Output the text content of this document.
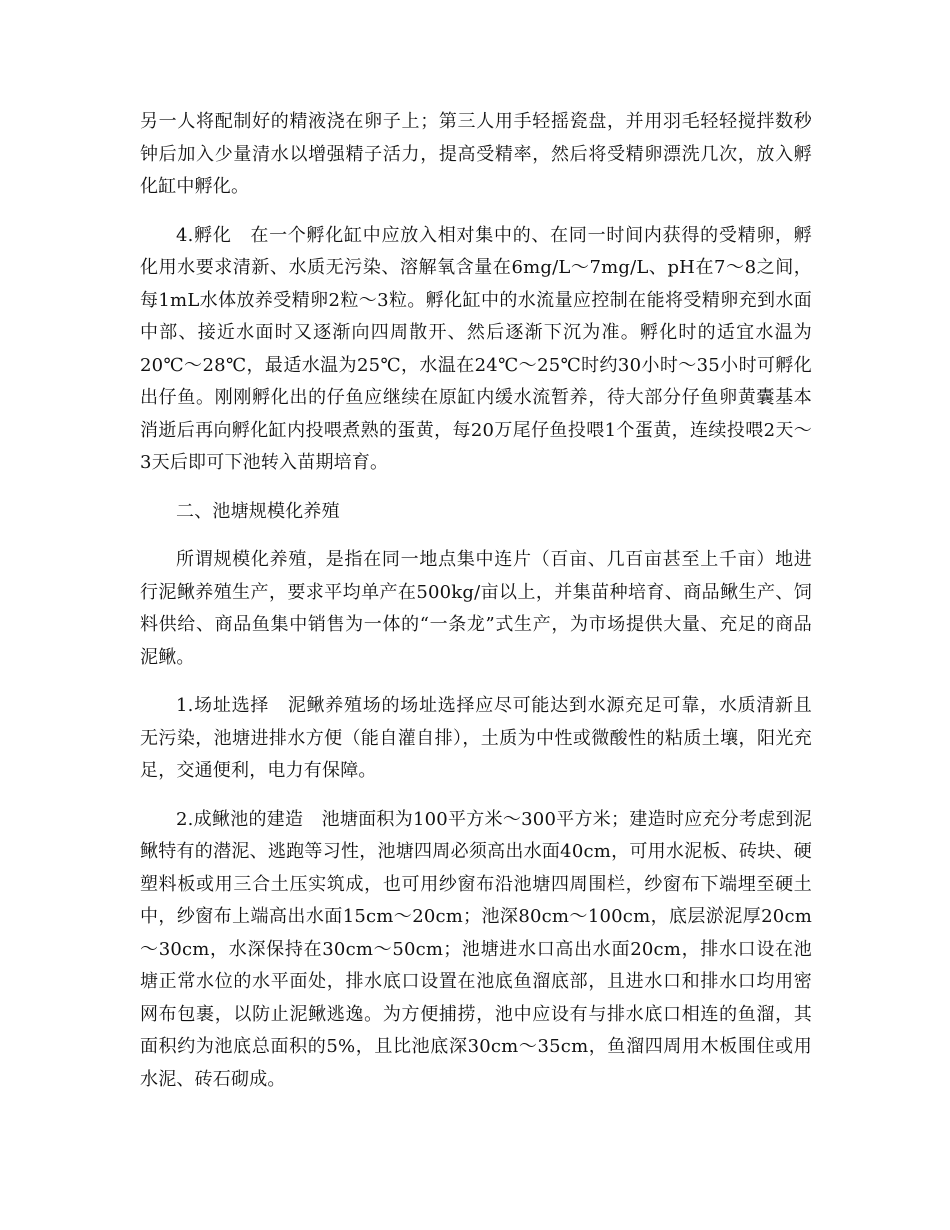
另一人将配制好的精液浇在卵子上；第三人用手轻摇瓷盘，并用羽毛轻轻搅拌数秒钟后加入少量清水以增强精子活力，提高受精率，然后将受精卵漂洗几次，放入孵化缸中孵化。

4.孵化　在一个孵化缸中应放入相对集中的、在同一时间内获得的受精卵，孵化用水要求清新、水质无污染、溶解氧含量在6mg/L～7mg/L、pH在7～8之间，每1mL水体放养受精卵2粒～3粒。孵化缸中的水流量应控制在能将受精卵充到水面中部、接近水面时又逐渐向四周散开、然后逐渐下沉为准。孵化时的适宜水温为20℃～28℃，最适水温为25℃，水温在24℃～25℃时约30小时～35小时可孵化出仔鱼。刚刚孵化出的仔鱼应继续在原缸内缓水流暂养，待大部分仔鱼卵黄囊基本消逝后再向孵化缸内投喂煮熟的蛋黄，每20万尾仔鱼投喂1个蛋黄，连续投喂2天～3天后即可下池转入苗期培育。

二、池塘规模化养殖

所谓规模化养殖，是指在同一地点集中连片（百亩、几百亩甚至上千亩）地进行泥鳅养殖生产，要求平均单产在500kg/亩以上，并集苗种培育、商品鳅生产、饲料供给、商品鱼集中销售为一体的“一条龙”式生产，为市场提供大量、充足的商品泥鳅。

1.场址选择　泥鳅养殖场的场址选择应尽可能达到水源充足可靠，水质清新且无污染，池塘进排水方便（能自灌自排），土质为中性或微酸性的粘质土壤，阳光充足，交通便利，电力有保障。

2.成鳅池的建造　池塘面积为100平方米～300平方米；建造时应充分考虑到泥鳅特有的潜泥、逃跑等习性，池塘四周必须高出水面40cm，可用水泥板、砖块、硬塑料板或用三合土压实筑成，也可用纱窗布沿池塘四周围栏，纱窗布下端埋至硬土中，纱窗布上端高出水面15cm～20cm；池深80cm～100cm，底层淤泥厚20cm～30cm，水深保持在30cm～50cm；池塘进水口高出水面20cm，排水口设在池塘正常水位的水平面处，排水底口设置在池底鱼溜底部，且进水口和排水口均用密网布包裹，以防止泥鳅逃逸。为方便捕捞，池中应设有与排水底口相连的鱼溜，其面积约为池底总面积的5%，且比池底深30cm～35cm，鱼溜四周用木板围住或用水泥、砖石砌成。
